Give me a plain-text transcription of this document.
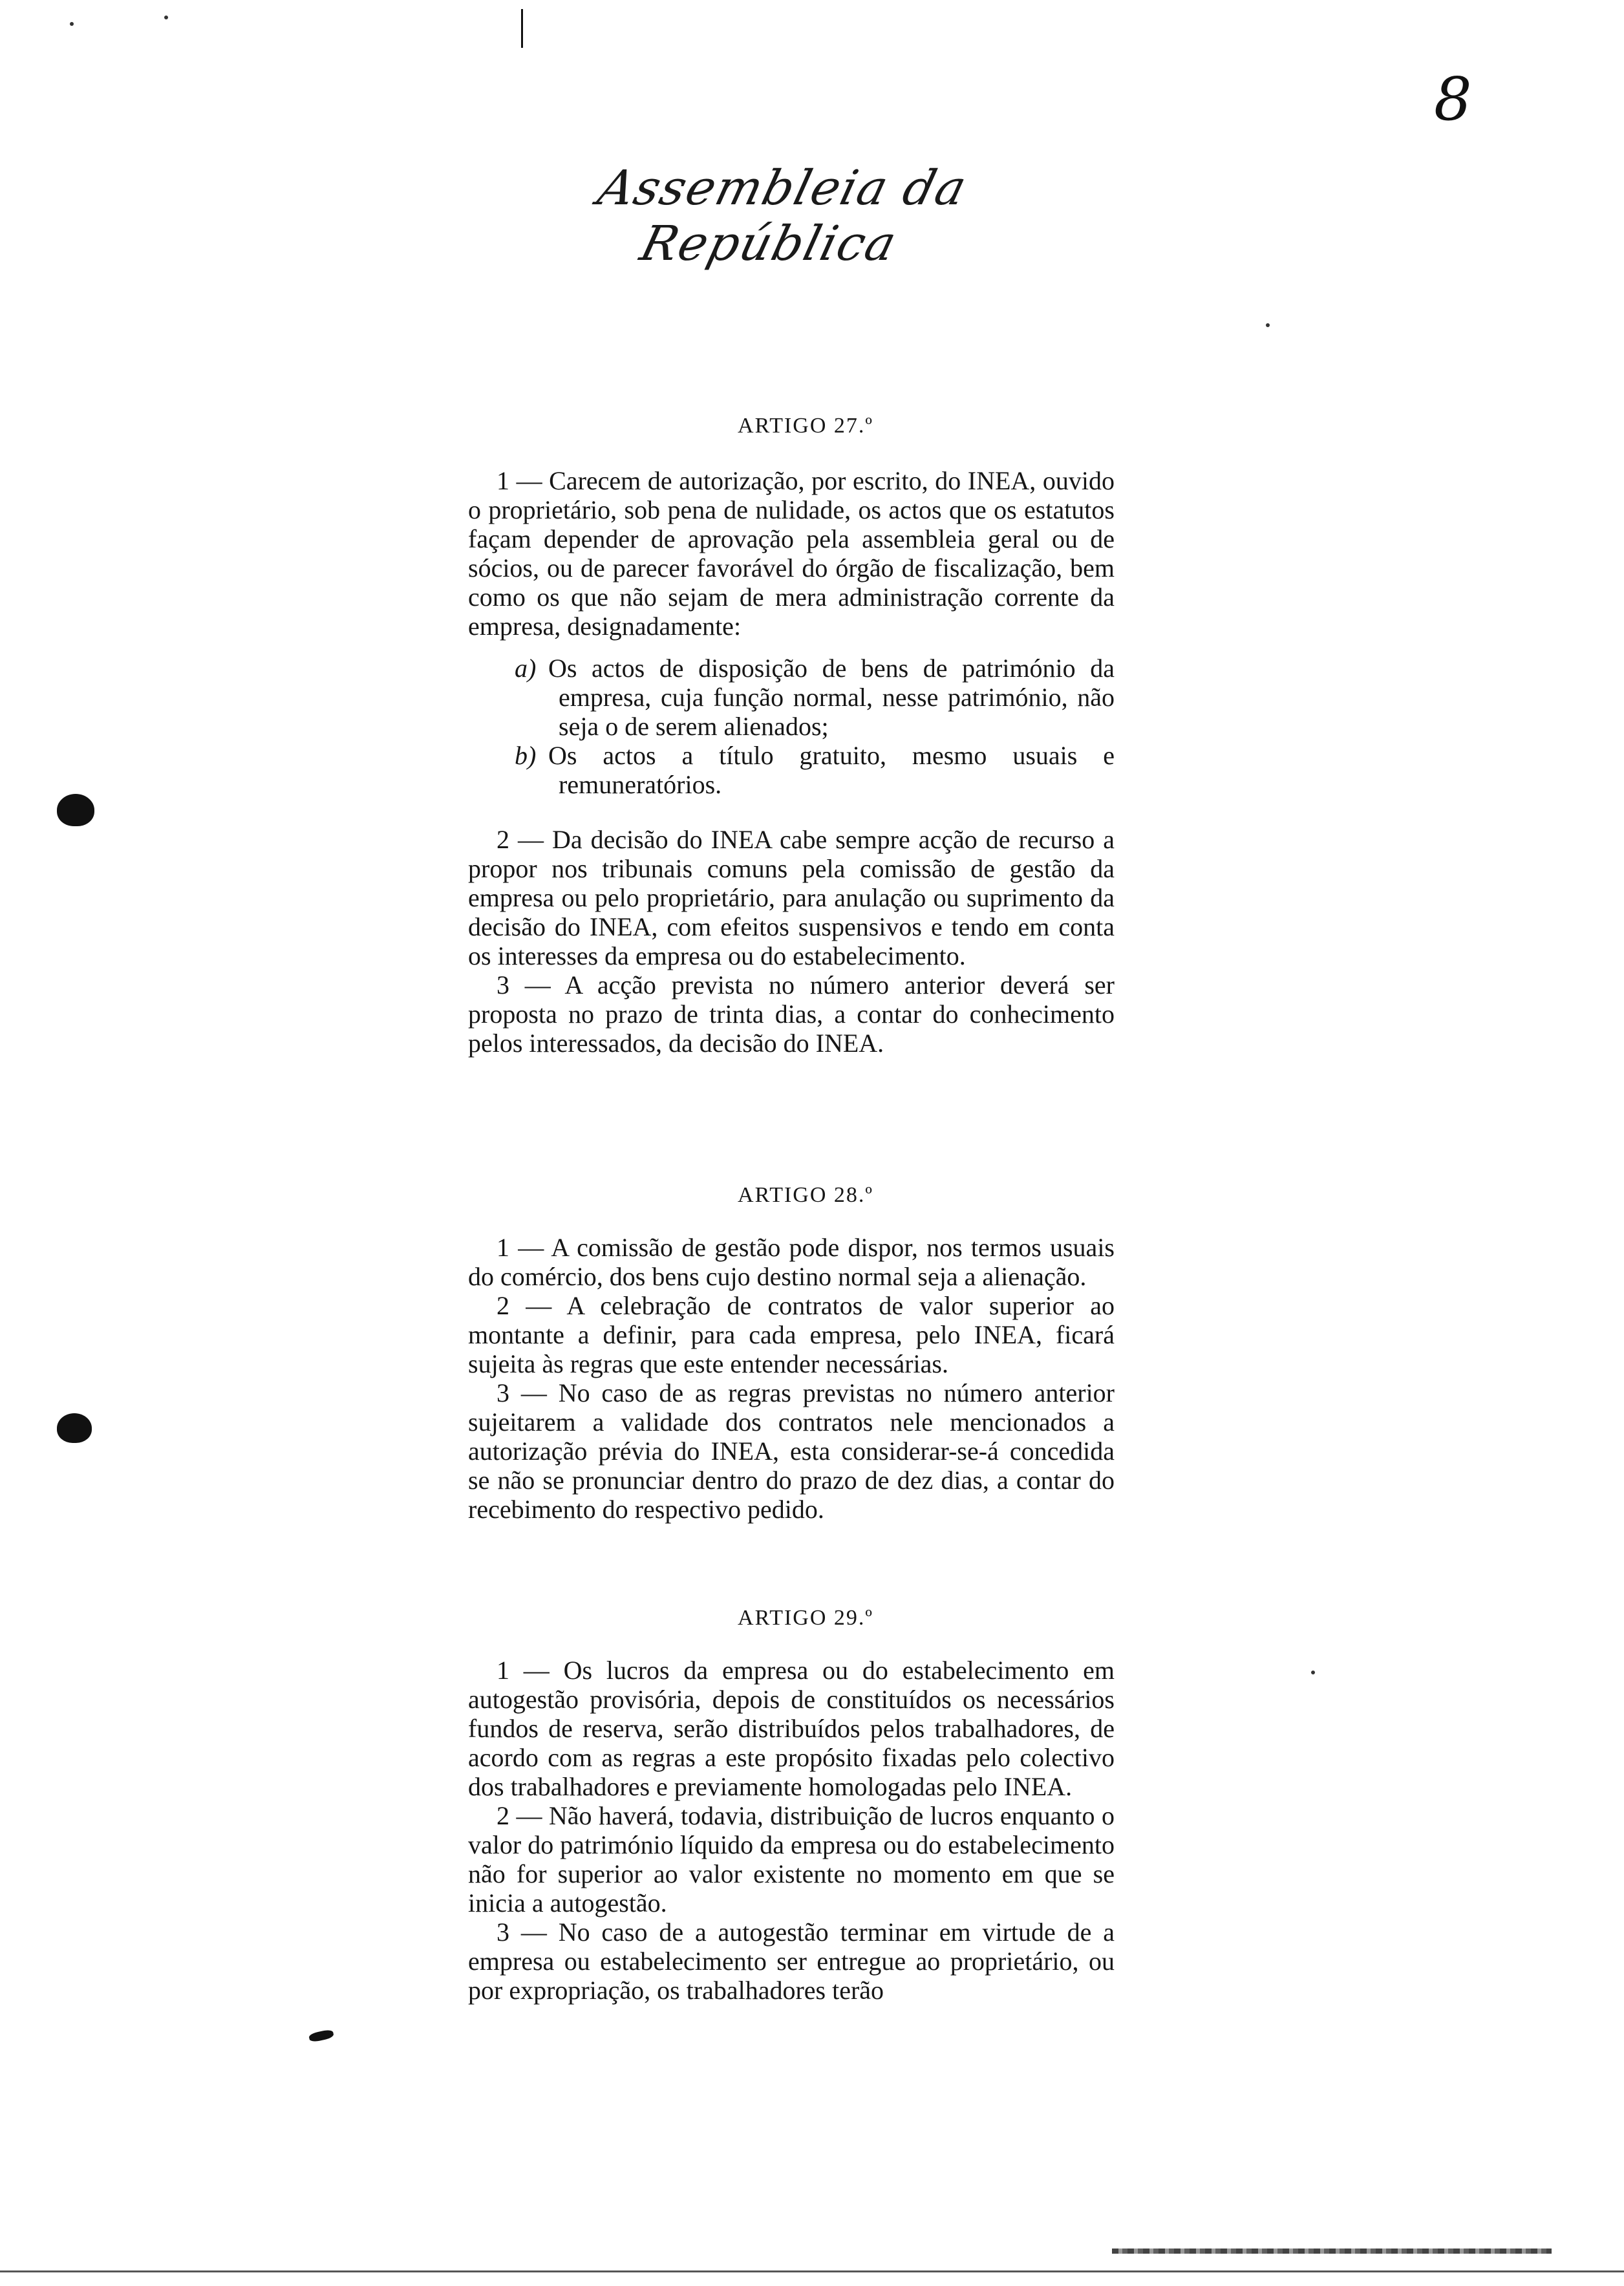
8
Assembleia da República

ARTIGO 27.º

1 — Carecem de autorização, por escrito, do INEA, ouvido o proprietário, sob pena de nulidade, os actos que os estatutos façam depender de aprovação pela assembleia geral ou de sócios, ou de parecer favorável do órgão de fiscalização, bem como os que não sejam de mera administração corrente da empresa, designadamente:

a) Os actos de disposição de bens de património da empresa, cuja função normal, nesse património, não seja o de serem alienados;
b) Os actos a título gratuito, mesmo usuais e remuneratórios.

2 — Da decisão do INEA cabe sempre acção de recurso a propor nos tribunais comuns pela comissão de gestão da empresa ou pelo proprietário, para anulação ou suprimento da decisão do INEA, com efeitos suspensivos e tendo em conta os interesses da empresa ou do estabelecimento.

3 — A acção prevista no número anterior deverá ser proposta no prazo de trinta dias, a contar do conhecimento pelos interessados, da decisão do INEA.

ARTIGO 28.º

1 — A comissão de gestão pode dispor, nos termos usuais do comércio, dos bens cujo destino normal seja a alienação.

2 — A celebração de contratos de valor superior ao montante a definir, para cada empresa, pelo INEA, ficará sujeita às regras que este entender necessárias.

3 — No caso de as regras previstas no número anterior sujeitarem a validade dos contratos nele mencionados a autorização prévia do INEA, esta considerar-se-á concedida se não se pronunciar dentro do prazo de dez dias, a contar do recebimento do respectivo pedido.

ARTIGO 29.º

1 — Os lucros da empresa ou do estabelecimento em autogestão provisória, depois de constituídos os necessários fundos de reserva, serão distribuídos pelos trabalhadores, de acordo com as regras a este propósito fixadas pelo colectivo dos trabalhadores e previamente homologadas pelo INEA.

2 — Não haverá, todavia, distribuição de lucros enquanto o valor do património líquido da empresa ou do estabelecimento não for superior ao valor existente no momento em que se inicia a autogestão.

3 — No caso de a autogestão terminar em virtude de a empresa ou estabelecimento ser entregue ao proprietário, ou por expropriação, os trabalhadores terão
